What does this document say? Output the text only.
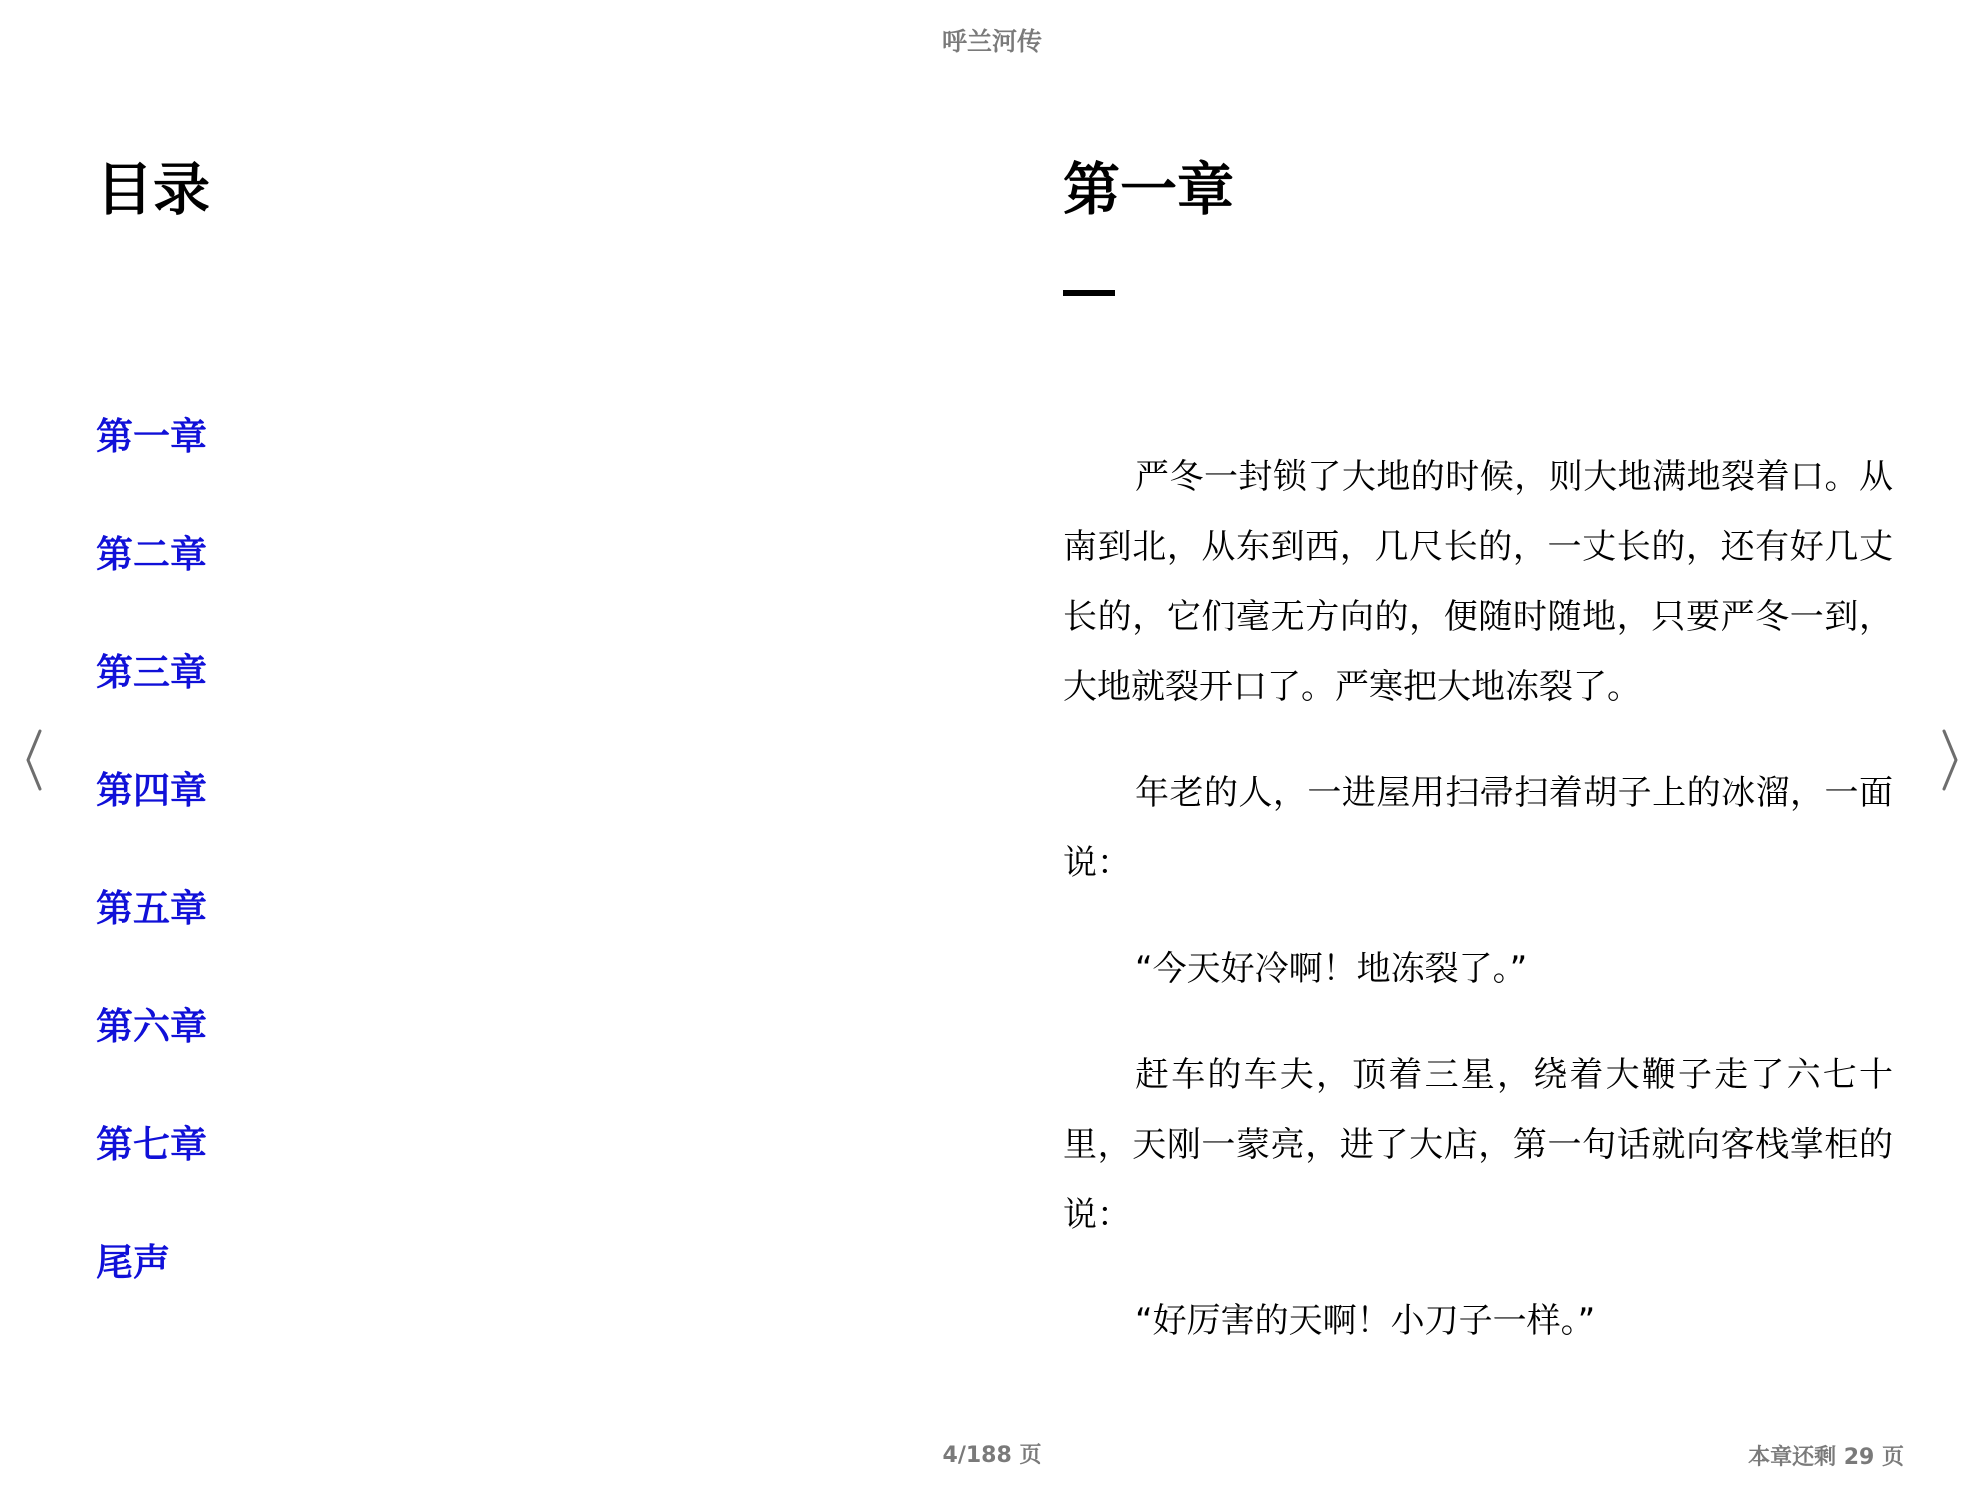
呼兰河传
目录
第一章
第二章
第三章
第四章
第五章
第六章
第七章
尾声
第一章

严冬一封锁了大地的时候，则大地满地裂着口。从南到北，从东到西，几尺长的，一丈长的，还有好几丈长的，它们毫无方向的，便随时随地，只要严冬一到，大地就裂开口了。严寒把大地冻裂了。

年老的人，一进屋用扫帚扫着胡子上的冰溜，一面说：

“今天好冷啊！地冻裂了。”

赶车的车夫，顶着三星，绕着大鞭子走了六七十里，天刚一蒙亮，进了大店，第一句话就向客栈掌柜的说：

“好厉害的天啊！小刀子一样。”

4/188 页	本章还剩 29 页
